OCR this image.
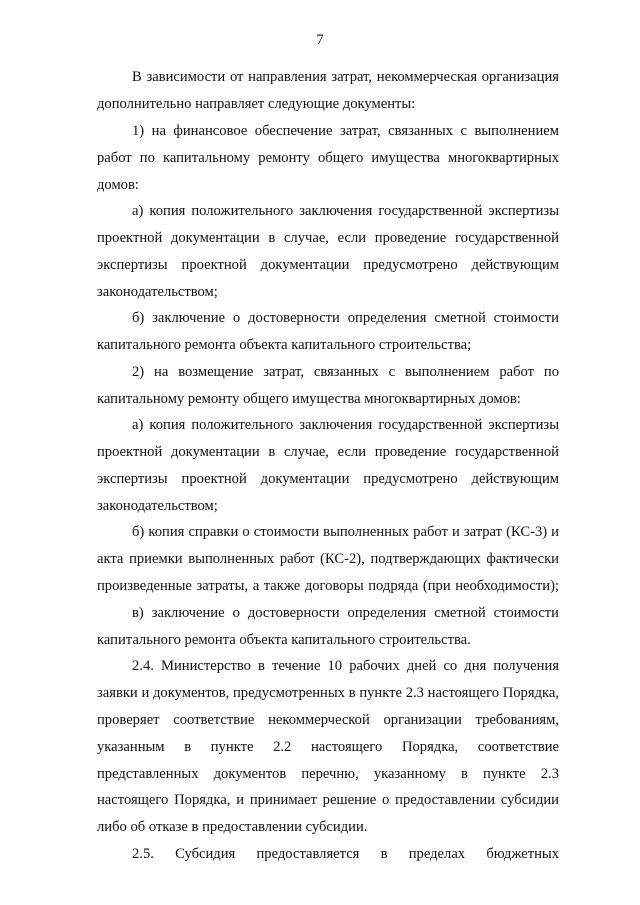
7
В зависимости от направления затрат, некоммерческая организация
дополнительно направляет следующие документы:
1) на финансовое обеспечение затрат, связанных с выполнением
работ по капитальному ремонту общего имущества многоквартирных
домов:
а) копия положительного заключения государственной экспертизы
проектной документации в случае, если проведение государственной
экспертизы проектной документации предусмотрено действующим
законодательством;
б) заключение о достоверности определения сметной стоимости
капитального ремонта объекта капитального строительства;
2) на возмещение затрат, связанных с выполнением работ по
капитальному ремонту общего имущества многоквартирных домов:
а) копия положительного заключения государственной экспертизы
проектной документации в случае, если проведение государственной
экспертизы проектной документации предусмотрено действующим
законодательством;
б) копия справки о стоимости выполненных работ и затрат (КС-3) и
акта приемки выполненных работ (КС-2), подтверждающих фактически
произведенные затраты, а также договоры подряда (при необходимости);
в) заключение о достоверности определения сметной стоимости
капитального ремонта объекта капитального строительства.
2.4. Министерство в течение 10 рабочих дней со дня получения
заявки и документов, предусмотренных в пункте 2.3 настоящего Порядка,
проверяет соответствие некоммерческой организации требованиям,
указанным в пункте 2.2 настоящего Порядка, соответствие
представленных документов перечню, указанному в пункте 2.3
настоящего Порядка, и принимает решение о предоставлении субсидии
либо об отказе в предоставлении субсидии.
2.5. Субсидия предоставляется в пределах бюджетных
